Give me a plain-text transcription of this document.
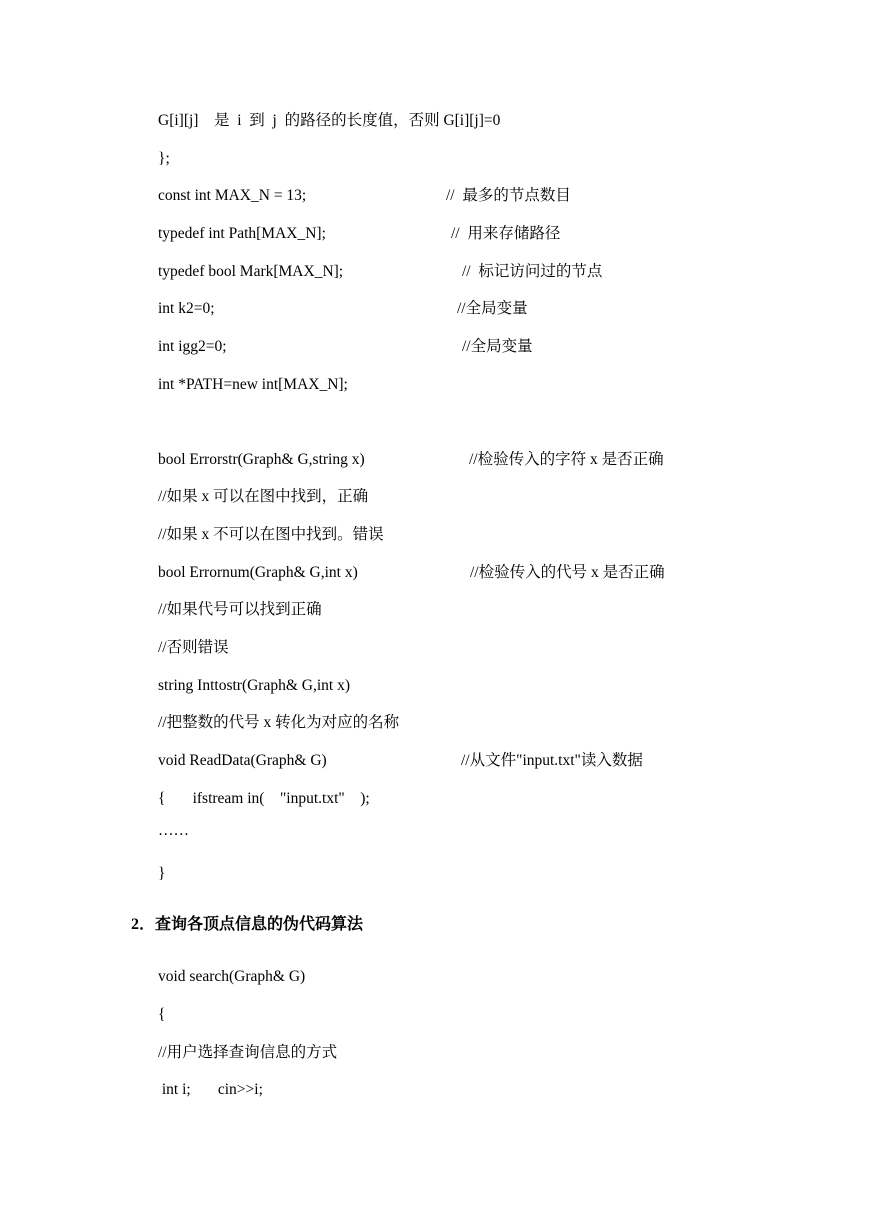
G[i][j]    是  i  到  j  的路径的长度值，否则 G[i][j]=0
};
const int MAX_N = 13;	//  最多的节点数目
typedef int Path[MAX_N];	//  用来存储路径
typedef bool Mark[MAX_N];	//  标记访问过的节点
int k2=0;	//全局变量
int igg2=0;	//全局变量
int *PATH=new int[MAX_N];
bool Errorstr(Graph& G,string x)	//检验传入的字符 x 是否正确
//如果 x 可以在图中找到，正确
//如果 x 不可以在图中找到。错误
bool Errornum(Graph& G,int x)	//检验传入的代号 x 是否正确
//如果代号可以找到正确
//否则错误
string Inttostr(Graph& G,int x)
//把整数的代号 x 转化为对应的名称
void ReadData(Graph& G)	//从文件"input.txt"读入数据
{       ifstream in(    "input.txt"    );
……
}
2．查询各顶点信息的伪代码算法
void search(Graph& G)
{
//用户选择查询信息的方式
int i;       cin>>i;
